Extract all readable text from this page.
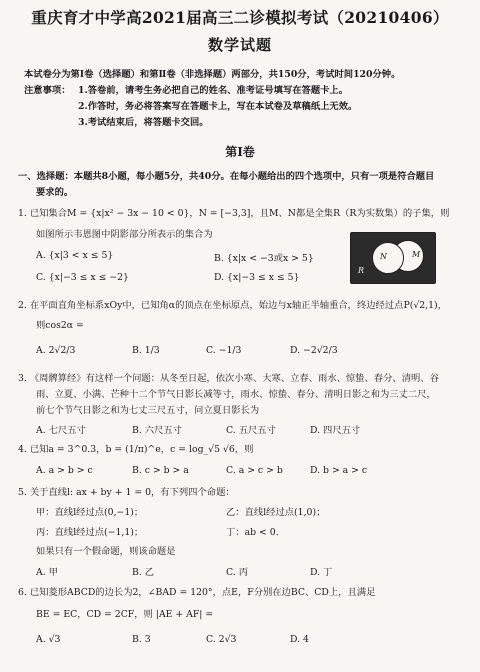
重庆育才中学高2021届高三二诊模拟考试（20210406）
数学试题
本试卷分为第Ⅰ卷（选择题）和第Ⅱ卷（非选择题）两部分，共150分，考试时间120分钟。
注意事项： 1.答卷前，请考生务必把自己的姓名、准考证号填写在答题卡上。
2.作答时，务必将答案写在答题卡上，写在本试卷及草稿纸上无效。
3.考试结束后，将答题卡交回。
第Ⅰ卷
一、选择题：本题共8小题，每小题5分，共40分。在每小题给出的四个选项中，只有一项是符合题目
要求的。
1. 已知集合M = {x|x² − 3x − 10 < 0}，N = [−3,3]，且M、N都是全集R（R为实数集）的子集，则
如图所示韦恩图中阴影部分所表示的集合为
A. {x|3 < x ≤ 5}	B. {x|x < −3或x > 5}
C. {x|−3 ≤ x ≤ −2}	D. {x|−3 ≤ x ≤ 5}
R
M
N
2. 在平面直角坐标系xOy中，已知角α的顶点在坐标原点，始边与x轴正半轴重合，终边经过点P(√2,1)，
则cos2α =
A. 2√2/3	B. 1/3	C. −1/3	D. −2√2/3
3. 《周髀算经》有这样一个问题：从冬至日起，依次小寒、大寒、立春、雨水、惊蛰、春分、清明、谷
雨、立夏、小满、芒种十二个节气日影长减等寸，雨水、惊蛰、春分、清明日影之和为三丈二尺，
前七个节气日影之和为七丈三尺五寸，问立夏日影长为
A. 七尺五寸	B. 六尺五寸	C. 五尺五寸	D. 四尺五寸
4. 已知a = 3^0.3，b = (1/π)^e，c = log_√5 √6，则
A. a > b > c	B. c > b > a	C. a > c > b	D. b > a > c
5. 关于直线l: ax + by + 1 = 0，有下列四个命题：
甲：直线l经过点(0,−1)；	乙：直线l经过点(1,0)；
丙：直线l经过点(−1,1)；	丁：ab < 0．
如果只有一个假命题，则该命题是
A. 甲	B. 乙	C. 丙	D. 丁
6. 已知菱形ABCD的边长为2，∠BAD = 120°，点E，F分别在边BC、CD上，且满足
BE = EC，CD = 2CF，则 |AE + AF| =
A. √3	B. 3	C. 2√3	D. 4
